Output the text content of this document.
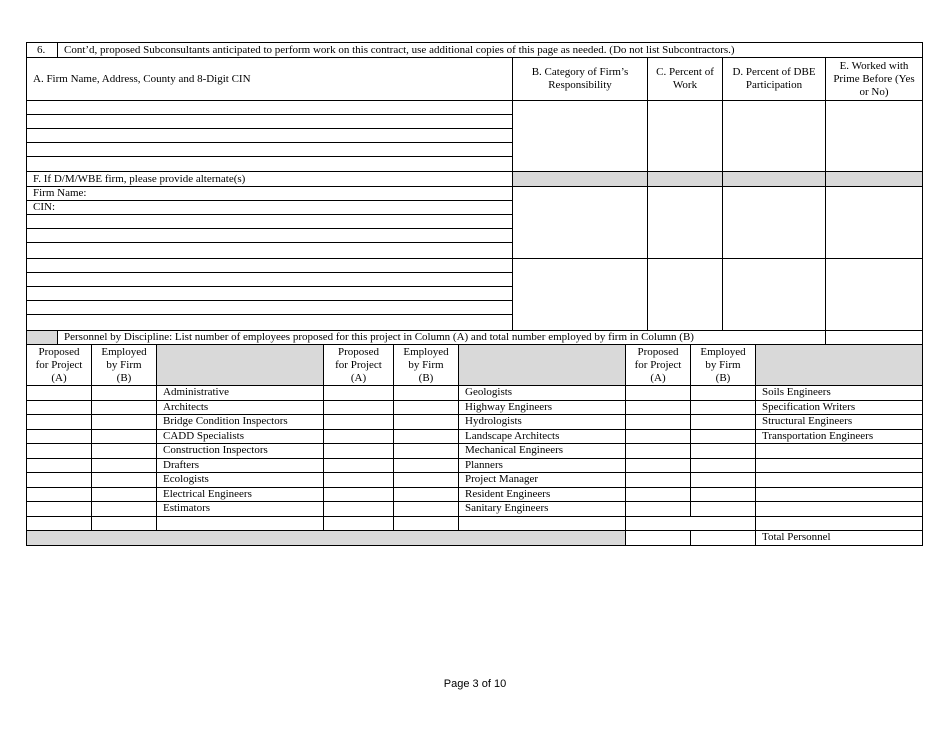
6. Cont’d, proposed Subconsultants anticipated to perform work on this contract, use additional copies of this page as needed. (Do not list Subcontractors.)
A. Firm Name, Address, County and 8-Digit CIN
B. Category of Firm’s Responsibility
C. Percent of Work
D. Percent of DBE Participation
E. Worked with Prime Before (Yes or No)
F. If D/M/WBE firm, please provide alternate(s)
Firm Name:
CIN:
Personnel by Discipline: List number of employees proposed for this project in Column (A) and total number employed by firm in Column (B)
Proposed for Project (A)
Employed by Firm (B)
Administrative
Architects
Bridge Condition Inspectors
CADD Specialists
Construction Inspectors
Drafters
Ecologists
Electrical Engineers
Estimators
Proposed for Project (A)
Employed by Firm (B)
Geologists
Highway Engineers
Hydrologists
Landscape Architects
Mechanical Engineers
Planners
Project Manager
Resident Engineers
Sanitary Engineers
Proposed for Project (A)
Employed by Firm (B)
Soils Engineers
Specification Writers
Structural Engineers
Transportation Engineers
Total Personnel
Page 3 of 10
